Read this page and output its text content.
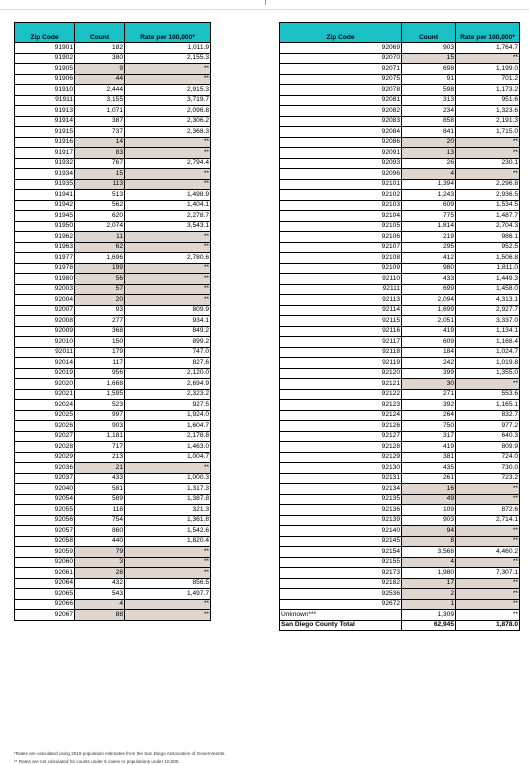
Zip Code	Count	Rate per 100,000*
91901	182	1,011.9
91902	380	2,155.3
91905	9	**
91906	44	**
91910	2,444	2,915.3
91911	3,155	3,719.7
91913	1,071	2,096.8
91914	387	2,306.2
91915	737	2,368.3
91916	14	**
91917	83	**
91932	767	2,794.4
91934	15	**
91935	113	**
91941	513	1,498.9
91942	562	1,404.1
91945	620	2,278.7
91950	2,074	3,543.1
91962	11	**
91963	62	**
91977	1,696	2,780.6
91978	199	**
91980	56	**
92003	57	**
92004	20	**
92007	93	809.9
92008	277	934.1
92009	368	849.2
92010	150	899.2
92011	179	747.0
92014	117	827.6
92019	956	2,120.0
92020	1,668	2,694.9
92021	1,595	2,323.2
92024	523	927.5
92025	997	1,924.0
92026	903	1,604.7
92027	1,181	2,178.8
92028	717	1,463.0
92029	213	1,004.7
92036	21	**
92037	433	1,000.3
92040	581	1,317.3
92054	589	1,387.8
92055	118	321.3
92056	754	1,361.8
92057	860	1,542.6
92058	440	1,820.4
92059	79	**
92060	3	**
92061	28	**
92064	432	856.5
92065	543	1,497.7
92066	4	**
92067	88	**
Zip Code	Count	Rate per 100,000*
92069	903	1,764.7
92070	15	**
92071	698	1,199.0
92075	91	701.2
92078	598	1,173.2
92081	313	951.6
92082	234	1,323.6
92083	858	2,191.3
92084	841	1,715.0
92086	20	**
92091	13	**
92093	26	230.1
92096	4	**
92101	1,394	2,296.8
92102	1,243	2,936.5
92103	609	1,534.5
92104	775	1,487.7
92105	1,814	2,704.3
92106	219	986.1
92107	295	952.5
92108	412	1,506.8
92109	980	1,811.0
92110	433	1,449.3
92111	699	1,458.0
92113	2,094	4,313.1
92114	1,699	2,927.7
92115	2,051	3,337.0
92116	419	1,134.1
92117	609	1,168.4
92118	184	1,024.7
92119	242	1,019.8
92120	399	1,355.0
92121	30	**
92122	271	553.6
92123	392	1,165.1
92124	264	832.7
92126	750	977.2
92127	317	640.3
92128	419	809.9
92129	381	724.0
92130	435	730.0
92131	261	723.2
92134	16	**
92135	49	**
92136	109	872.6
92139	903	2,714.1
92140	94	**
92145	8	**
92154	3,568	4,460.2
92155	4	**
92173	1,980	7,307.1
92182	17	**
92536	2	**
92672	1	**
Unknown***	1,309	**
San Diego County Total	62,945	1,878.0
*Rates are calculated using 2019 population estimates from the San Diego Association of Governments.
** Rates are not calculated for counts under 5 cases or populations under 10,000.
